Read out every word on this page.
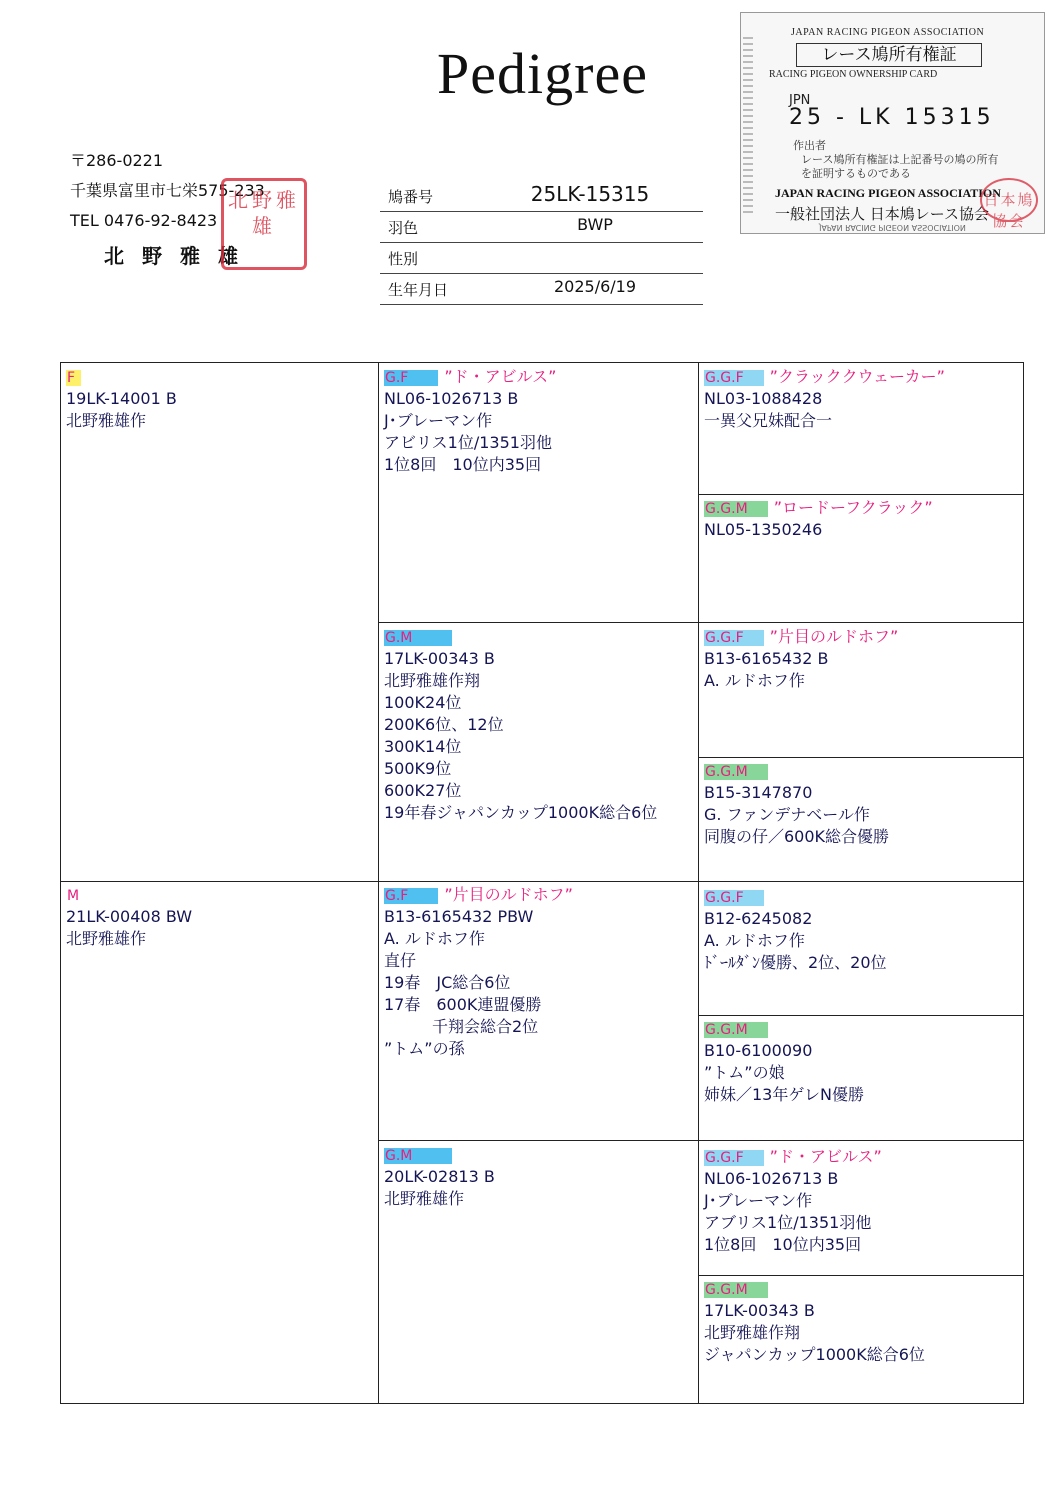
Pedigree
〒286-0221
千葉県富里市七栄575-233
TEL 0476-92-8423
北野雅雄
北野雅雄
鳩番号	25LK-15315
羽色	BWP
性別
生年月日	2025/6/19
JAPAN RACING PIGEON ASSOCIATION
レース鳩所有権証
RACING PIGEON OWNERSHIP CARD
JPN
25 - LK 15315
作出者
レース鳩所有権証は上記番号の鳩の所有を証明するものである
JAPAN RACING PIGEON ASSOCIATION
一般社団法人 日本鳩レース協会
JAPAN RACING PIGEON ASSOCIATION
日本鳩協会
F
19LK-14001 B
北野雅雄作
M
21LK-00408 BW
北野雅雄作
G.F ”ド・アビルス”
NL06-1026713 B
J･ブレーマン作
アビリス1位/1351羽他
1位8回　10位内35回
G.M
17LK-00343 B
北野雅雄作翔
100K24位
200K6位、12位
300K14位
500K9位
600K27位
19年春ジャパンカップ1000K総合6位
G.F ”片目のルドホフ”
B13-6165432 PBW
A. ルドホフ作
直仔
19春　JC総合6位
17春　600K連盟優勝
　　　千翔会総合2位
”トム”の孫
G.M
20LK-02813 B
北野雅雄作
G.G.F ”クラッククウェーカー”
NL03-1088428
一異父兄妹配合一
G.G.M ”ロードーフクラック”
NL05-1350246
G.G.F ”片目のルドホフ”
B13-6165432 B
A. ルドホフ作
G.G.M
B15-3147870
G. ファンデナベール作
同腹の仔／600K総合優勝
G.G.F
B12-6245082
A. ルドホフ作
ﾄﾞｰﾙﾀﾞﾝ優勝、2位、20位
G.G.M
B10-6100090
”トム”の娘
姉妹／13年ゲレN優勝
G.G.F ”ド・アビルス”
NL06-1026713 B
J･ブレーマン作
アブリス1位/1351羽他
1位8回　10位内35回
G.G.M
17LK-00343 B
北野雅雄作翔
ジャパンカップ1000K総合6位
